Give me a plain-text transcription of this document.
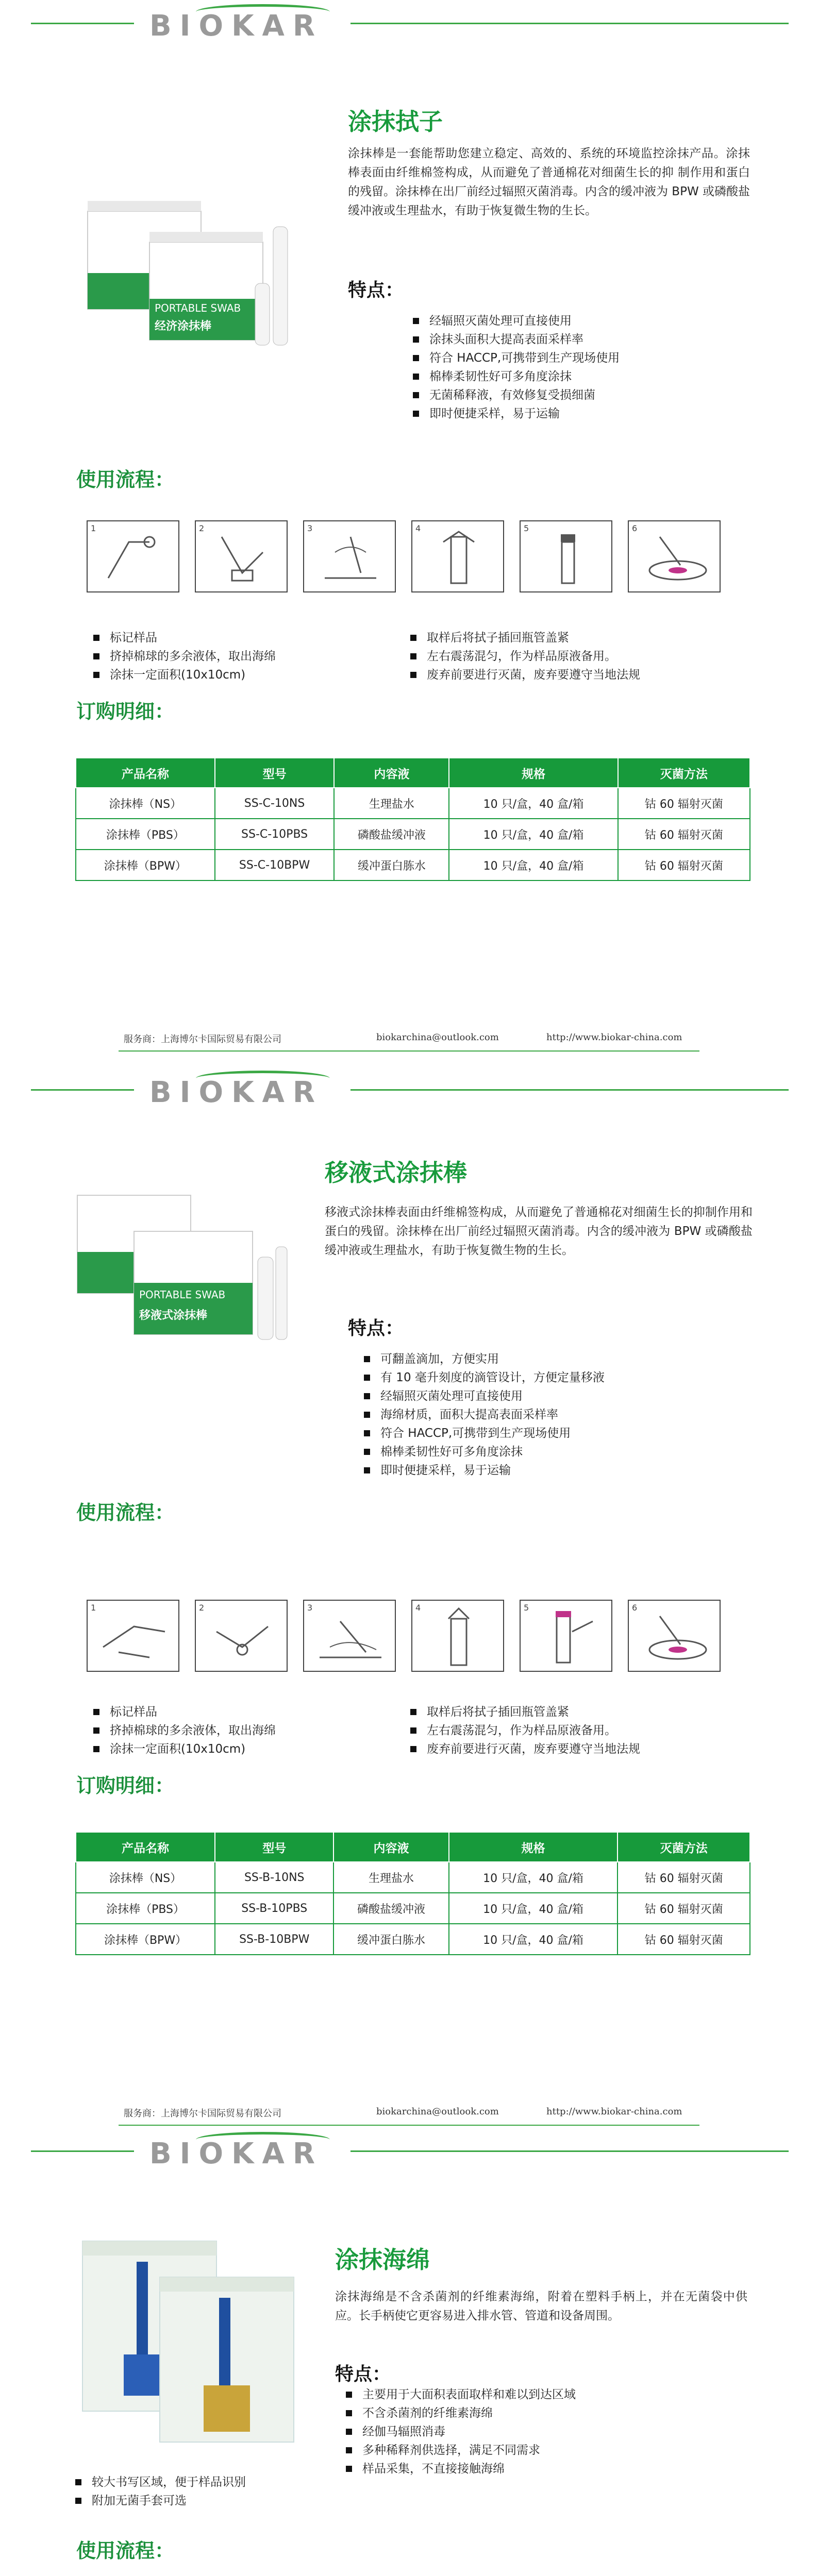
BIOKAR
PORTABLE SWAB
经济涂抹棒
涂抹拭子
涂抹棒是一套能帮助您建立稳定、高效的、系统的环境监控涂抹产品。涂抹棒表面由纤维棉签构成，从而避免了普通棉花对细菌生长的抑 制作用和蛋白的残留。涂抹棒在出厂前经过辐照灭菌消毒。内含的缓冲液为 BPW 或磷酸盐缓冲液或生理盐水，有助于恢复微生物的生长。
特点：
经辐照灭菌处理可直接使用
涂抹头面积大提高表面采样率
符合 HACCP,可携带到生产现场使用
棉棒柔韧性好可多角度涂抹
无菌稀释液，有效修复受损细菌
即时便捷采样，易于运输
使用流程：
1	2	3	4	5	6
标记样品
挤掉棉球的多余液体，取出海绵
涂抹一定面积(10x10cm)
取样后将拭子插回瓶管盖紧
左右震荡混匀，作为样品原液备用。
废弃前要进行灭菌，废弃要遵守当地法规
订购明细：
产品名称	型号	内容液	规格	灭菌方法
涂抹棒（NS）	SS-C-10NS	生理盐水	10 只/盒，40 盒/箱	钴 60 辐射灭菌
涂抹棒（PBS）	SS-C-10PBS	磷酸盐缓冲液	10 只/盒，40 盒/箱	钴 60 辐射灭菌
涂抹棒（BPW）	SS-C-10BPW	缓冲蛋白胨水	10 只/盒，40 盒/箱	钴 60 辐射灭菌
服务商：上海博尔卡国际贸易有限公司	biokarchina@outlook.com	http://www.biokar-china.com
BIOKAR
PORTABLE SWAB
移液式涂抹棒
移液式涂抹棒
移液式涂抹棒表面由纤维棉签构成，从而避免了普通棉花对细菌生长的抑制作用和蛋白的残留。涂抹棒在出厂前经过辐照灭菌消毒。内含的缓冲液为 BPW 或磷酸盐缓冲液或生理盐水，有助于恢复微生物的生长。
特点：
可翻盖滴加，方便实用
有 10 毫升刻度的滴管设计，方便定量移液
经辐照灭菌处理可直接使用
海绵材质，面积大提高表面采样率
符合 HACCP,可携带到生产现场使用
棉棒柔韧性好可多角度涂抹
即时便捷采样，易于运输
使用流程：
1	2	3	4	5	6
标记样品
挤掉棉球的多余液体，取出海绵
涂抹一定面积(10x10cm)
取样后将拭子插回瓶管盖紧
左右震荡混匀，作为样品原液备用。
废弃前要进行灭菌，废弃要遵守当地法规
订购明细：
产品名称	型号	内容液	规格	灭菌方法
涂抹棒（NS）	SS-B-10NS	生理盐水	10 只/盒，40 盒/箱	钴 60 辐射灭菌
涂抹棒（PBS）	SS-B-10PBS	磷酸盐缓冲液	10 只/盒，40 盒/箱	钴 60 辐射灭菌
涂抹棒（BPW）	SS-B-10BPW	缓冲蛋白胨水	10 只/盒，40 盒/箱	钴 60 辐射灭菌
服务商：上海博尔卡国际贸易有限公司	biokarchina@outlook.com	http://www.biokar-china.com
BIOKAR
涂抹海绵
涂抹海绵是不含杀菌剂的纤维素海绵，附着在塑料手柄上，并在无菌袋中供应。长手柄使它更容易进入排水管、管道和设备周围。
特点：
主要用于大面积表面取样和难以到达区域
不含杀菌剂的纤维素海绵
经伽马辐照消毒
多种稀释剂供选择，满足不同需求
样品采集，不直接接触海绵
较大书写区域，便于样品识别
附加无菌手套可选
使用流程：
